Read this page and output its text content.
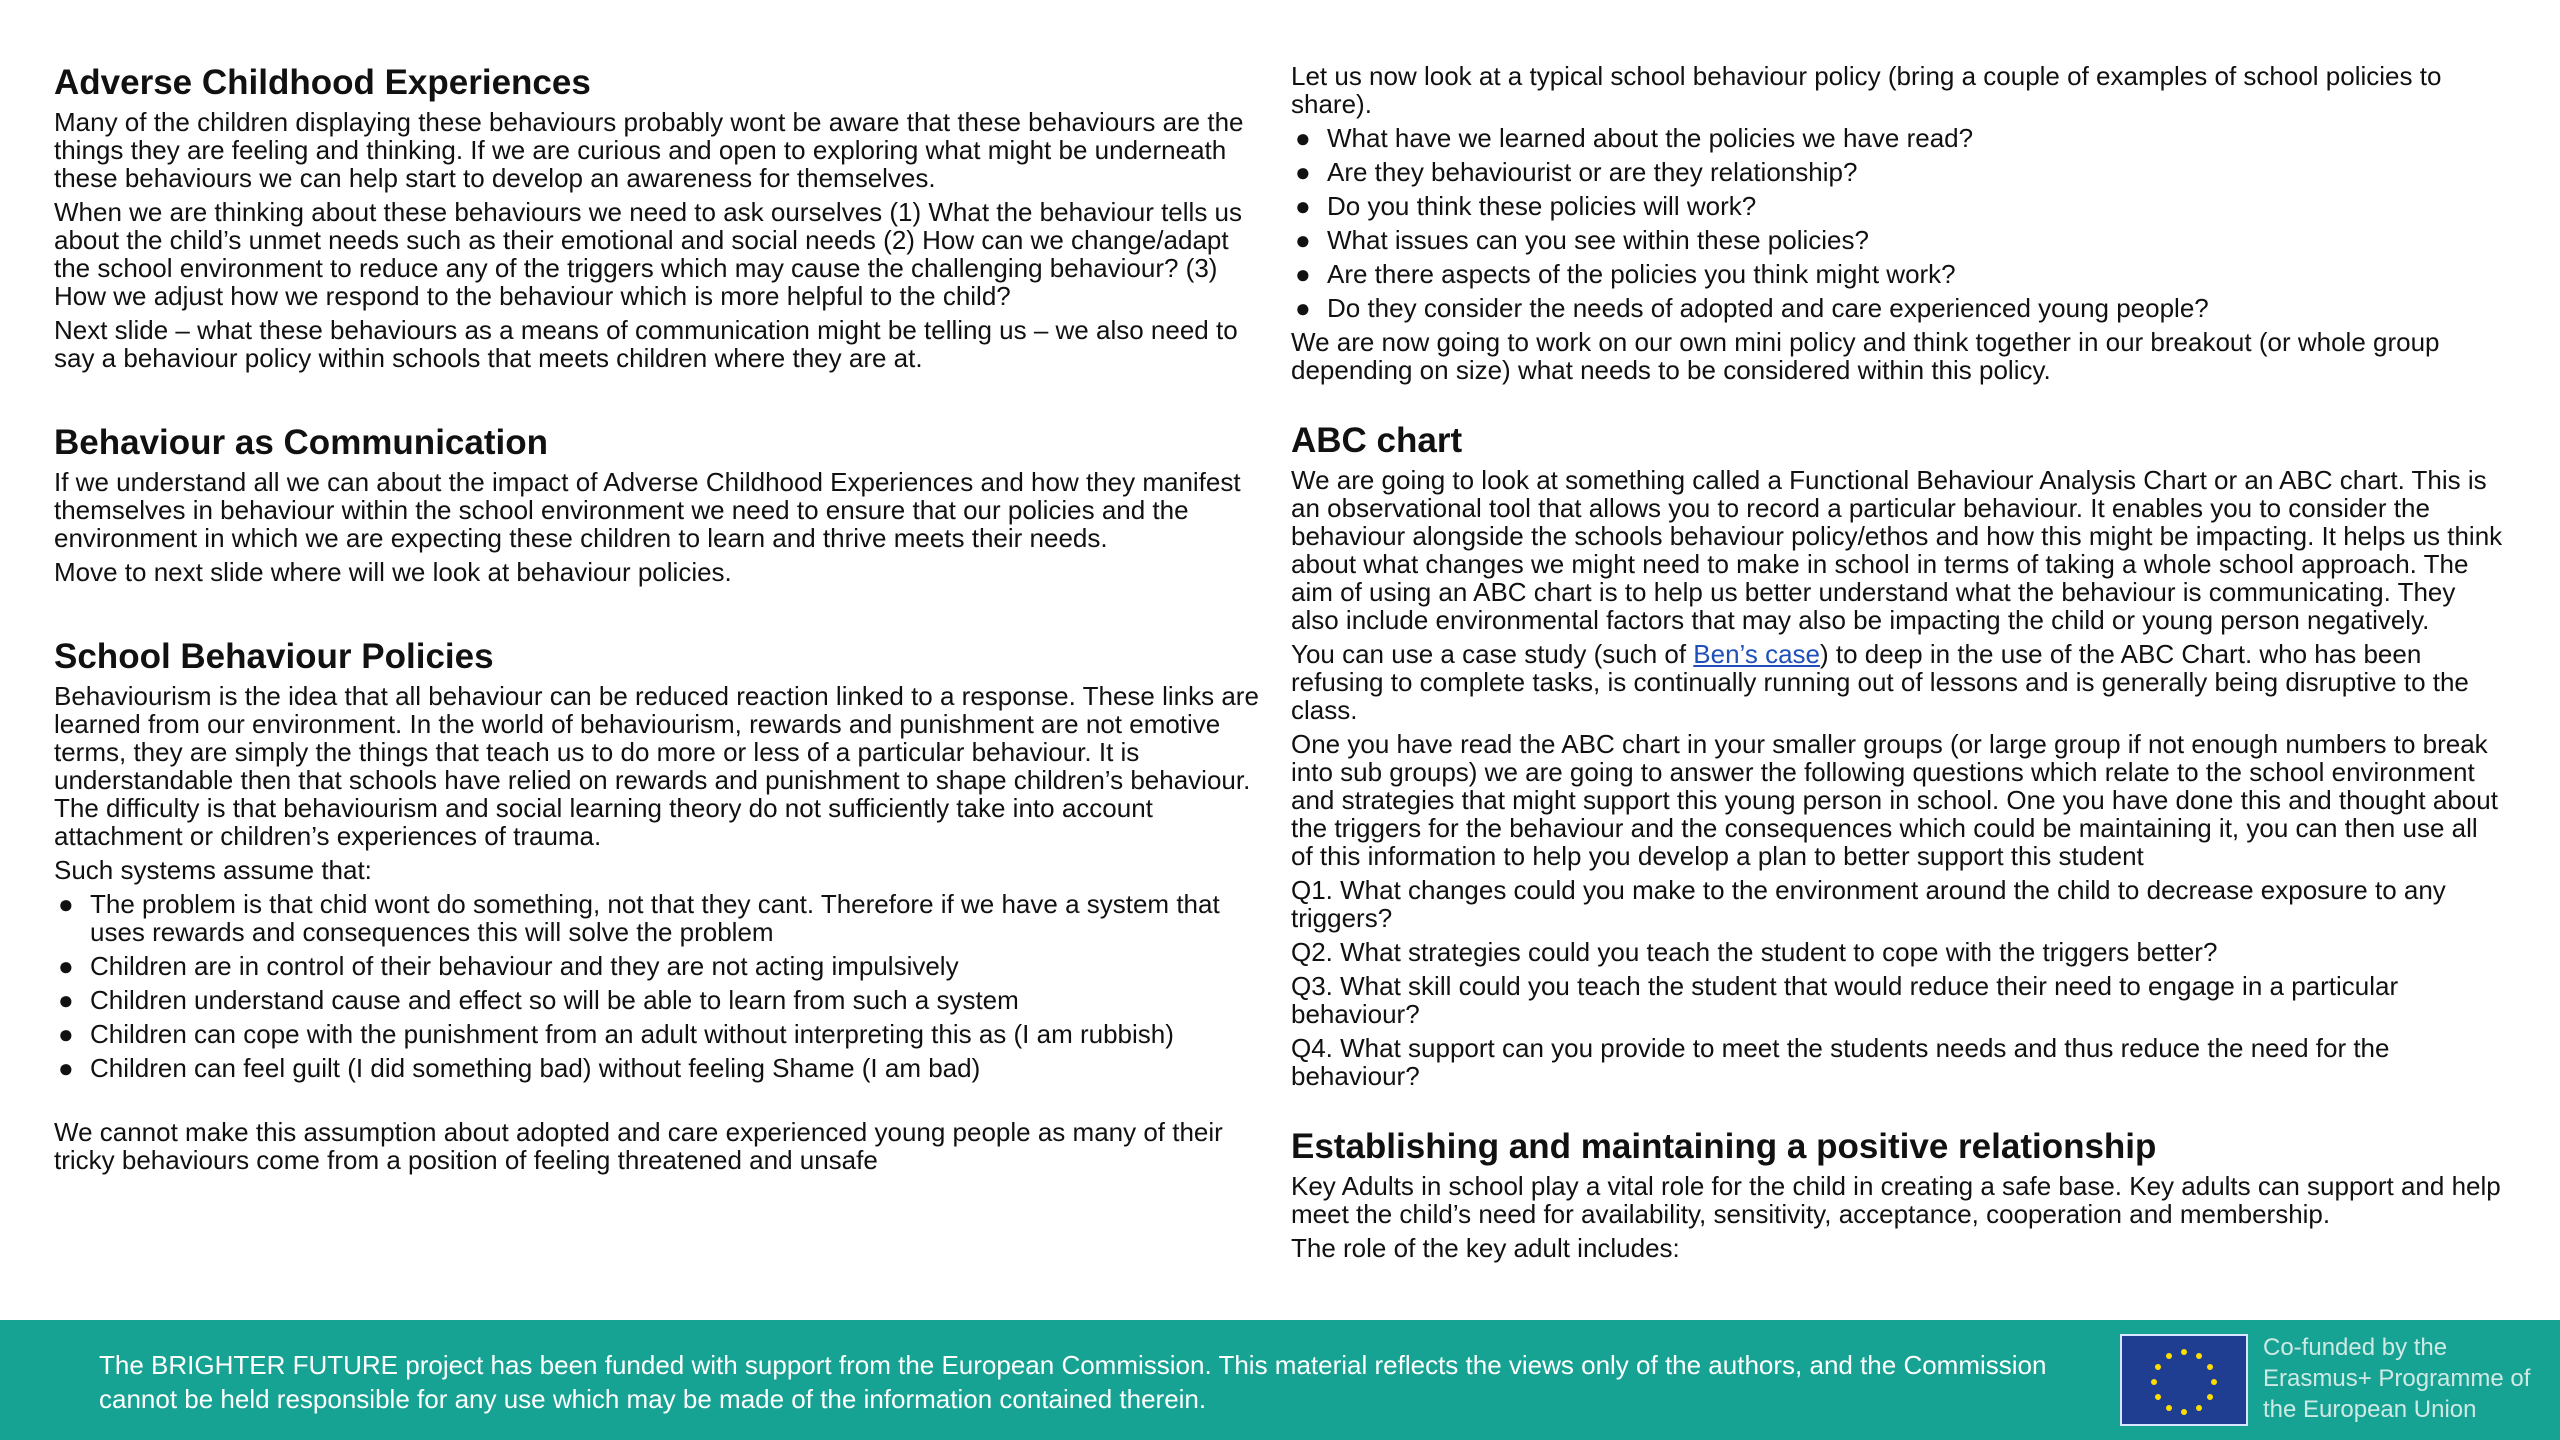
Adverse Childhood Experiences

Many of the children displaying these behaviours probably wont be aware that these behaviours are the things they are feeling and thinking. If we are curious and open to exploring what might be underneath these behaviours we can help start to develop an awareness for themselves.

When we are thinking about these behaviours we need to ask ourselves (1) What the behaviour tells us about the child’s unmet needs such as their emotional and social needs (2) How can we change/adapt the school environment to reduce any of the triggers which may cause the challenging behaviour? (3) How we adjust how we respond to the behaviour which is more helpful to the child?

Next slide – what these behaviours as a means of communication might be telling us – we also need to say a behaviour policy within schools that meets children where they are at.

Behaviour as Communication

If we understand all we can about the impact of Adverse Childhood Experiences and how they manifest themselves in behaviour within the school environment we need to ensure that our policies and the environment in which we are expecting these children to learn and thrive meets their needs.

Move to next slide where will we look at behaviour policies.

School Behaviour Policies

Behaviourism is the idea that all behaviour can be reduced reaction linked to a response. These links are learned from our environment. In the world of behaviourism, rewards and punishment are not emotive terms, they are simply the things that teach us to do more or less of a particular behaviour. It is understandable then that schools have relied on rewards and punishment to shape children’s behaviour. The difficulty is that behaviourism and social learning theory do not sufficiently take into account attachment or children’s experiences of trauma.

Such systems assume that:

● The problem is that chid wont do something, not that they cant. Therefore if we have a system that uses rewards and consequences this will solve the problem
● Children are in control of their behaviour and they are not acting impulsively
● Children understand cause and effect so will be able to learn from such a system
● Children can cope with the punishment from an adult without interpreting this as (I am rubbish)
● Children can feel guilt (I did something bad) without feeling Shame (I am bad)

We cannot make this assumption about adopted and care experienced young people as many of their tricky behaviours come from a position of feeling threatened and unsafe

Let us now look at a typical school behaviour policy (bring a couple of examples of school policies to share).

● What have we learned about the policies we have read?
● Are they behaviourist or are they relationship?
● Do you think these policies will work?
● What issues can you see within these policies?
● Are there aspects of the policies you think might work?
● Do they consider the needs of adopted and care experienced young people?

We are now going to work on our own mini policy and think together in our breakout (or whole group depending on size) what needs to be considered within this policy.

ABC chart

We are going to look at something called a Functional Behaviour Analysis Chart or an ABC chart. This is an observational tool that allows you to record a particular behaviour. It enables you to consider the behaviour alongside the schools behaviour policy/ethos and how this might be impacting. It helps us think about what changes we might need to make in school in terms of taking a whole school approach. The aim of using an ABC chart is to help us better understand what the behaviour is communicating. They also include environmental factors that may also be impacting the child or young person negatively.

You can use a case study (such of Ben’s case) to deep in the use of the ABC Chart. who has been refusing to complete tasks, is continually running out of lessons and is generally being disruptive to the class.

One you have read the ABC chart in your smaller groups (or large group if not enough numbers to break into sub groups) we are going to answer the following questions which relate to the school environment and strategies that might support this young person in school. One you have done this and thought about the triggers for the behaviour and the consequences which could be maintaining it, you can then use all of this information to help you develop a plan to better support this student

Q1. What changes could you make to the environment around the child to decrease exposure to any triggers?

Q2. What strategies could you teach the student to cope with the triggers better?

Q3. What skill could you teach the student that would reduce their need to engage in a particular behaviour?

Q4. What support can you provide to meet the students needs and thus reduce the need for the behaviour?

Establishing and maintaining a positive relationship

Key Adults in school play a vital role for the child in creating a safe base. Key adults can support and help meet the child’s need for availability, sensitivity, acceptance, cooperation and membership.

The role of the key adult includes:

The BRIGHTER FUTURE project has been funded with support from the European Commission. This material reflects the views only of the authors, and the Commission cannot be held responsible for any use which may be made of the information contained therein.
Co-funded by the Erasmus+ Programme of the European Union
